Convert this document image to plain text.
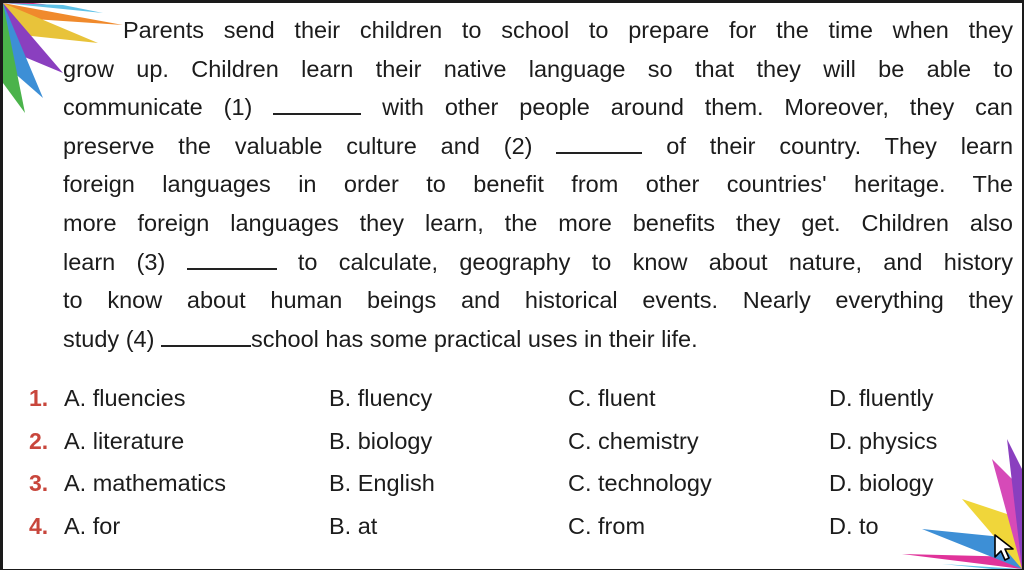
Parents send their children to school to prepare for the time when they
grow up. Children learn their native language so that they will be able to
communicate (1)	with other people around them. Moreover, they can
preserve the valuable culture and (2)	of their country. They learn
foreign languages in order to benefit from other countries' heritage. The
more foreign languages they learn, the more benefits they get. Children also
learn (3)	to calculate, geography to know about nature, and history
to know about human beings and historical events. Nearly everything they
study (4)	school has some practical uses in their life.
1. A. fluencies	B. fluency	C. fluent	D. fluently
2. A. literature	B. biology	C. chemistry	D. physics
3. A. mathematics	B. English	C. technology	D. biology
4. A. for	B. at	C. from	D. to
